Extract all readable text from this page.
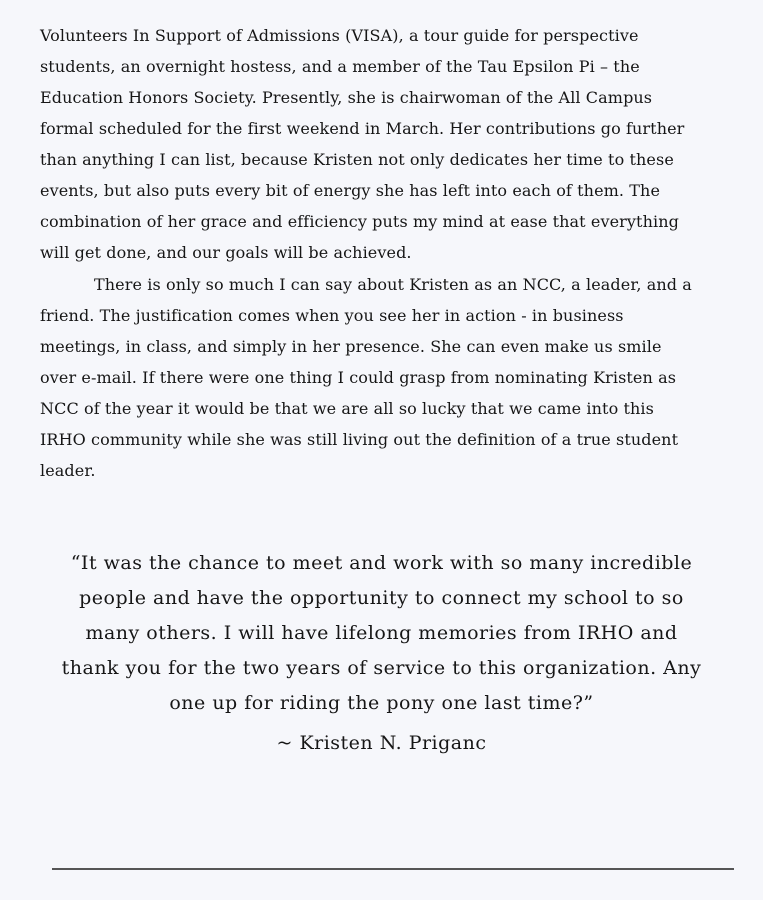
Volunteers In Support of Admissions (VISA), a tour guide for perspective
students, an overnight hostess, and a member of the Tau Epsilon Pi – the
Education Honors Society. Presently, she is chairwoman of the All Campus
formal scheduled for the first weekend in March. Her contributions go further
than anything I can list, because Kristen not only dedicates her time to these
events, but also puts every bit of energy she has left into each of them. The
combination of her grace and efficiency puts my mind at ease that everything
will get done, and our goals will be achieved.

There is only so much I can say about Kristen as an NCC, a leader, and a
friend. The justification comes when you see her in action - in business
meetings, in class, and simply in her presence. She can even make us smile
over e-mail. If there were one thing I could grasp from nominating Kristen as
NCC of the year it would be that we are all so lucky that we came into this
IRHO community while she was still living out the definition of a true student
leader.

“It was the chance to meet and work with so many incredible
people and have the opportunity to connect my school to so
many others. I will have lifelong memories from IRHO and
thank you for the two years of service to this organization. Any
one up for riding the pony one last time?”
~ Kristen N. Priganc
